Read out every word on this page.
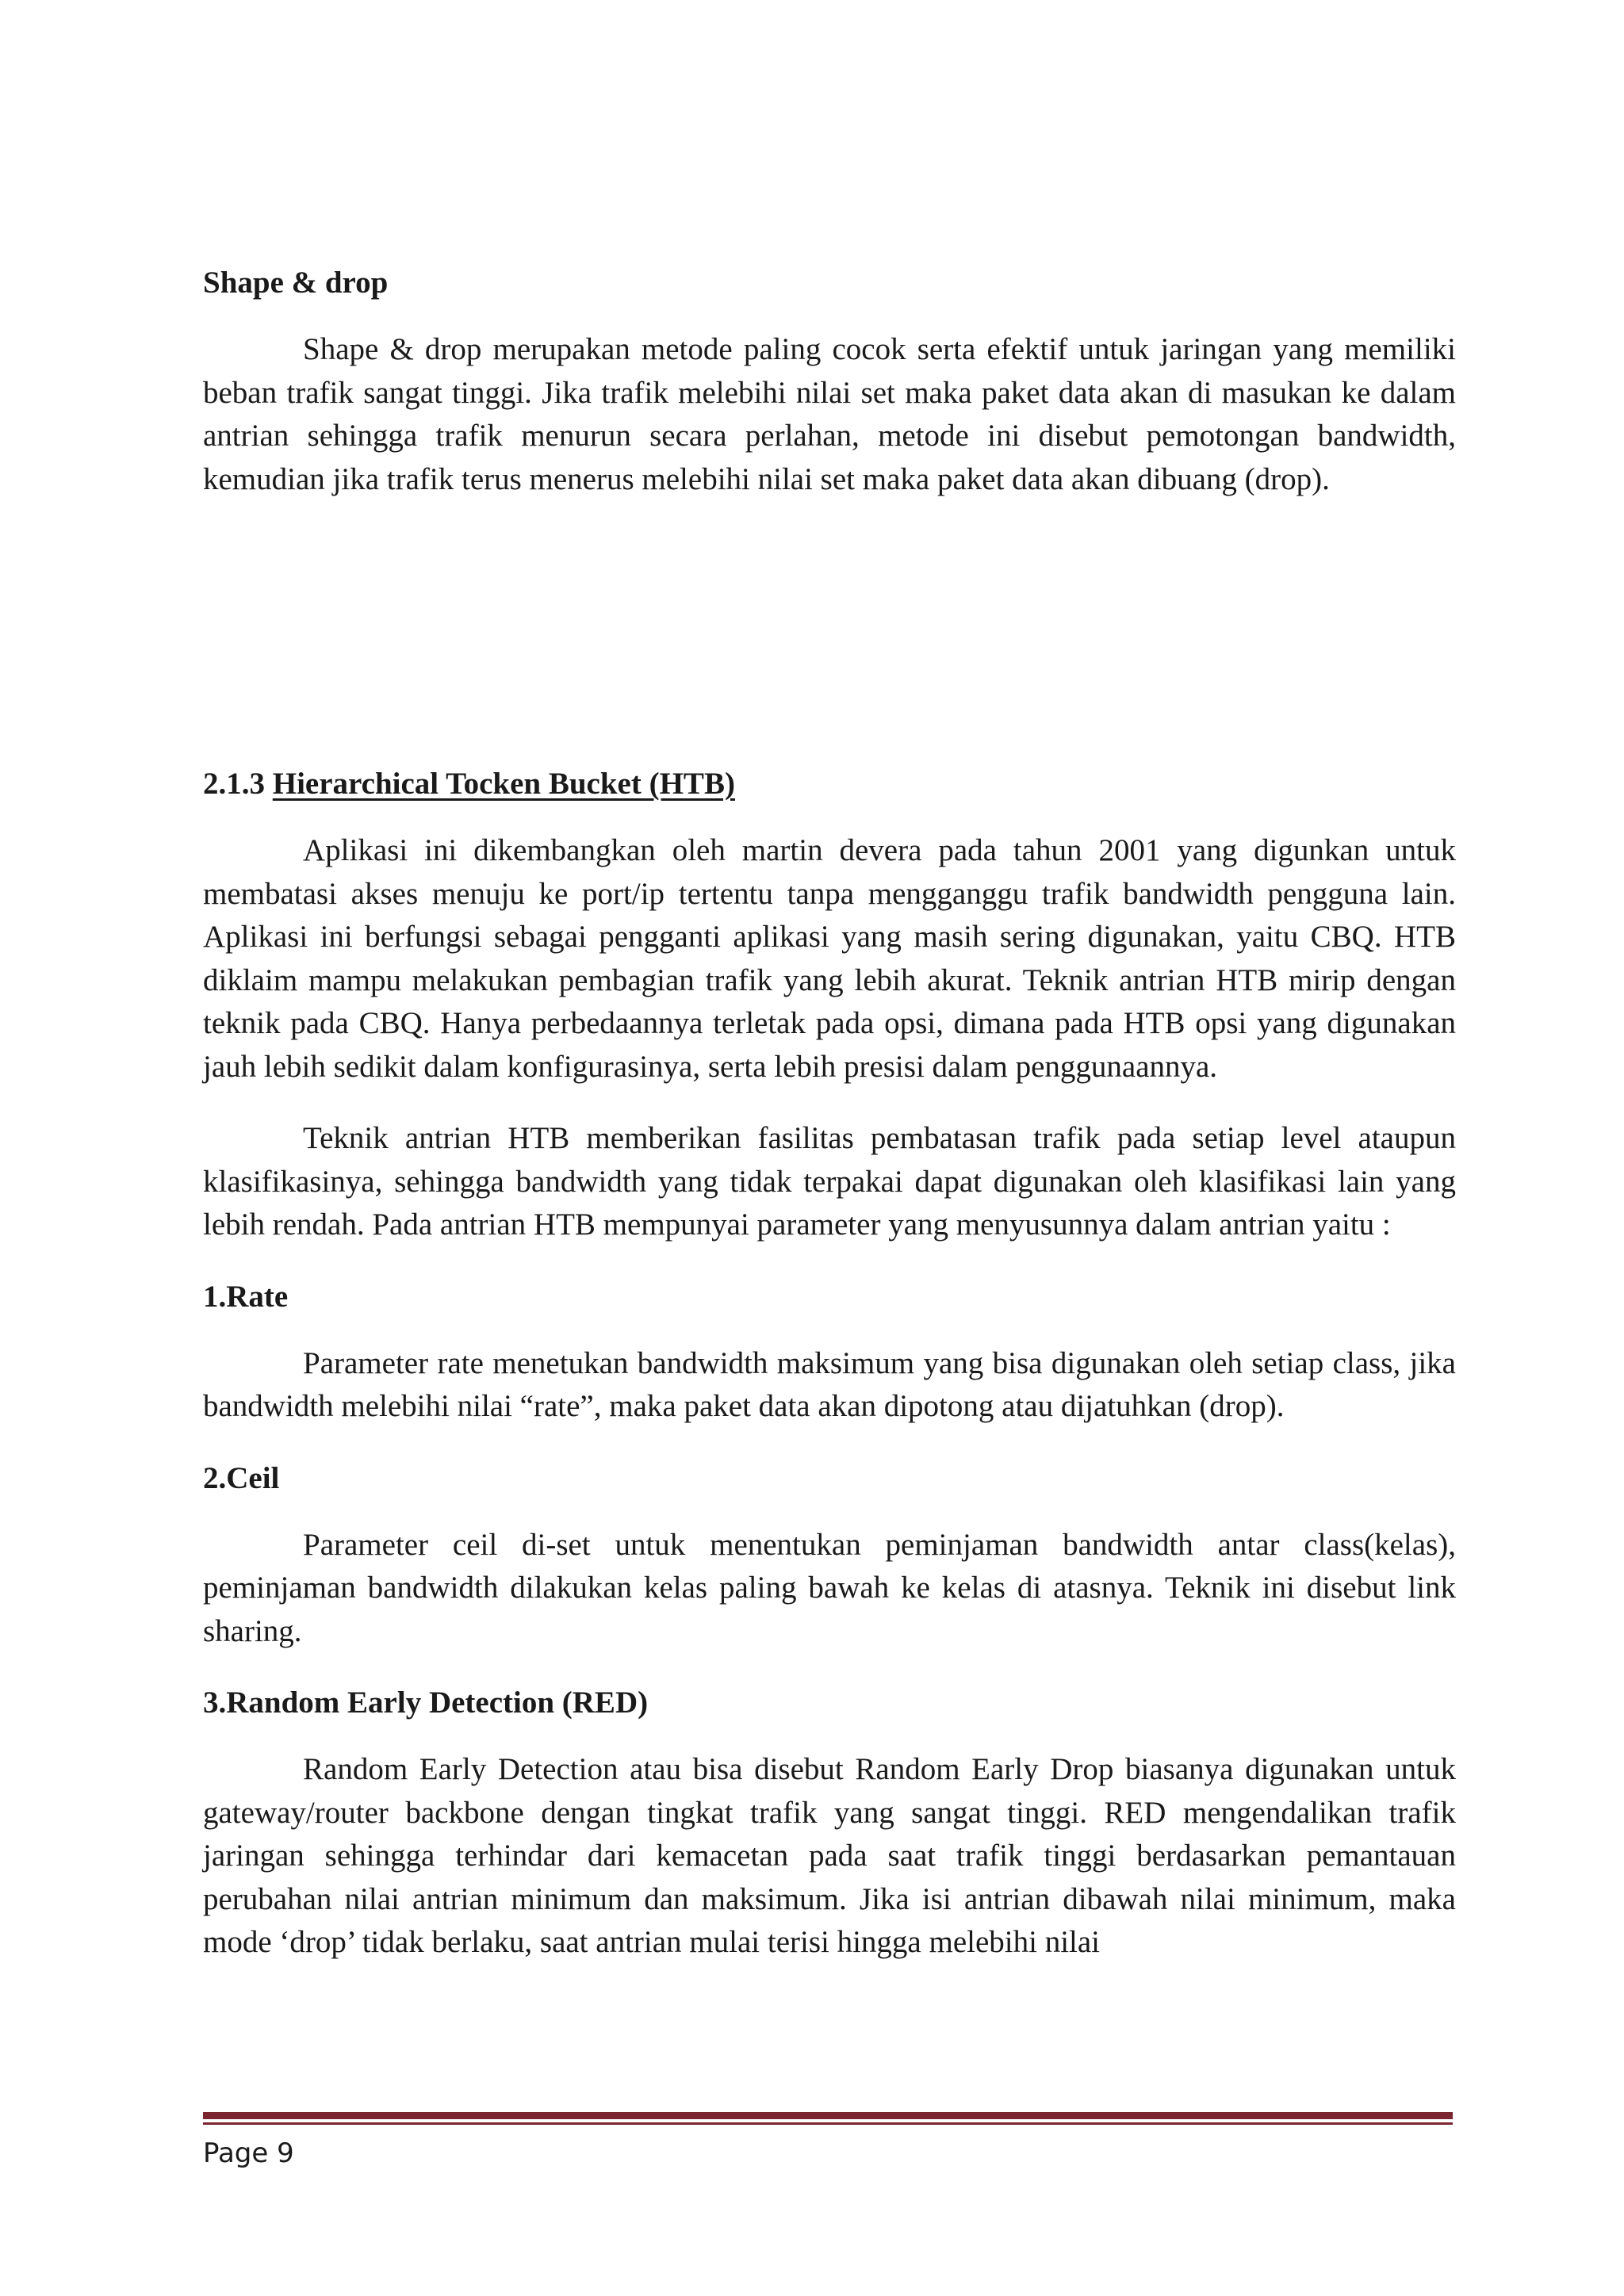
Shape & drop

Shape & drop merupakan metode paling cocok serta efektif untuk jaringan yang memiliki beban trafik sangat tinggi. Jika trafik melebihi nilai set maka paket data akan di masukan ke dalam antrian sehingga trafik menurun secara perlahan, metode ini disebut pemotongan bandwidth, kemudian jika trafik terus menerus melebihi nilai set maka paket data akan dibuang (drop).

2.1.3 Hierarchical Tocken Bucket (HTB)

Aplikasi ini dikembangkan oleh martin devera pada tahun 2001 yang digunkan untuk membatasi akses menuju ke port/ip tertentu tanpa mengganggu trafik bandwidth pengguna lain. Aplikasi ini berfungsi sebagai pengganti aplikasi yang masih sering digunakan, yaitu CBQ. HTB diklaim mampu melakukan pembagian trafik yang lebih akurat. Teknik antrian HTB mirip dengan teknik pada CBQ. Hanya perbedaannya terletak pada opsi, dimana pada HTB opsi yang digunakan jauh lebih sedikit dalam konfigurasinya, serta lebih presisi dalam penggunaannya.

Teknik antrian HTB memberikan fasilitas pembatasan trafik pada setiap level ataupun klasifikasinya, sehingga bandwidth yang tidak terpakai dapat digunakan oleh klasifikasi lain yang lebih rendah. Pada antrian HTB mempunyai parameter yang menyusunnya dalam antrian yaitu :

1.Rate

Parameter rate menetukan bandwidth maksimum yang bisa digunakan oleh setiap class, jika bandwidth melebihi nilai “rate”, maka paket data akan dipotong atau dijatuhkan (drop).

2.Ceil

Parameter ceil di-set untuk menentukan peminjaman bandwidth antar class(kelas), peminjaman bandwidth dilakukan kelas paling bawah ke kelas di atasnya. Teknik ini disebut link sharing.

3.Random Early Detection (RED)

Random Early Detection atau bisa disebut Random Early Drop biasanya digunakan untuk gateway/router backbone dengan tingkat trafik yang sangat tinggi. RED mengendalikan trafik jaringan sehingga terhindar dari kemacetan pada saat trafik tinggi berdasarkan pemantauan perubahan nilai antrian minimum dan maksimum. Jika isi antrian dibawah nilai minimum, maka mode ‘drop’ tidak berlaku, saat antrian mulai terisi hingga melebihi nilai

Page 9
